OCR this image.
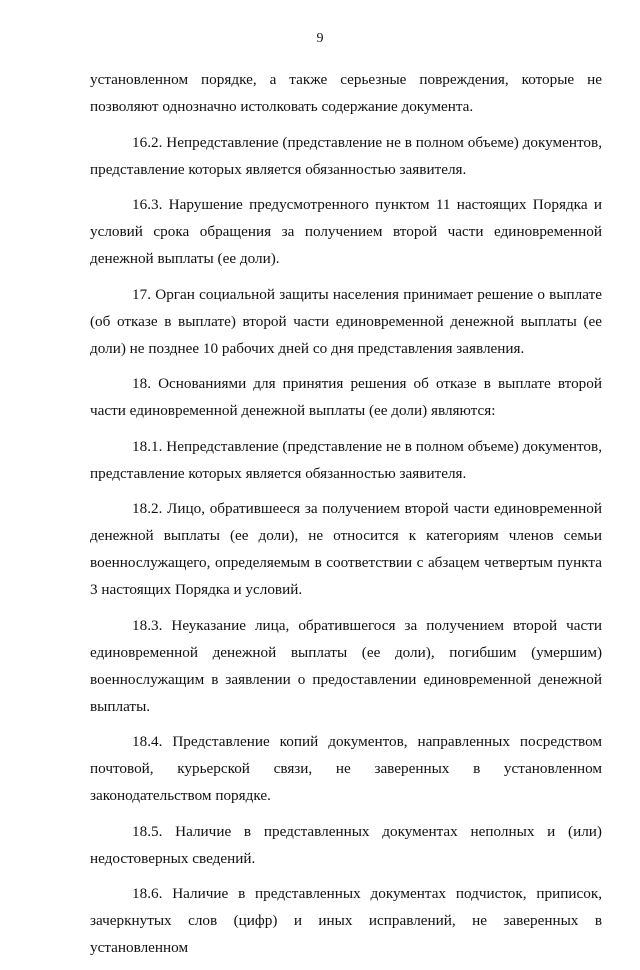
9

установленном порядке, а также серьезные повреждения, которые не позволяют однозначно истолковать содержание документа.

16.2. Непредставление (представление не в полном объеме) документов, представление которых является обязанностью заявителя.

16.3. Нарушение предусмотренного пунктом 11 настоящих Порядка и условий срока обращения за получением второй части единовременной денежной выплаты (ее доли).

17. Орган социальной защиты населения принимает решение о выплате (об отказе в выплате) второй части единовременной денежной выплаты (ее доли) не позднее 10 рабочих дней со дня представления заявления.

18. Основаниями для принятия решения об отказе в выплате второй части единовременной денежной выплаты (ее доли) являются:

18.1. Непредставление (представление не в полном объеме) документов, представление которых является обязанностью заявителя.

18.2. Лицо, обратившееся за получением второй части единовременной денежной выплаты (ее доли), не относится к категориям членов семьи военнослужащего, определяемым в соответствии с абзацем четвертым пункта 3 настоящих Порядка и условий.

18.3. Неуказание лица, обратившегося за получением второй части единовременной денежной выплаты (ее доли), погибшим (умершим) военнослужащим в заявлении о предоставлении единовременной денежной выплаты.

18.4. Представление копий документов, направленных посредством почтовой, курьерской связи, не заверенных в установленном законодательством порядке.

18.5. Наличие в представленных документах неполных и (или) недостоверных сведений.

18.6. Наличие в представленных документах подчисток, приписок, зачеркнутых слов (цифр) и иных исправлений, не заверенных в установленном
